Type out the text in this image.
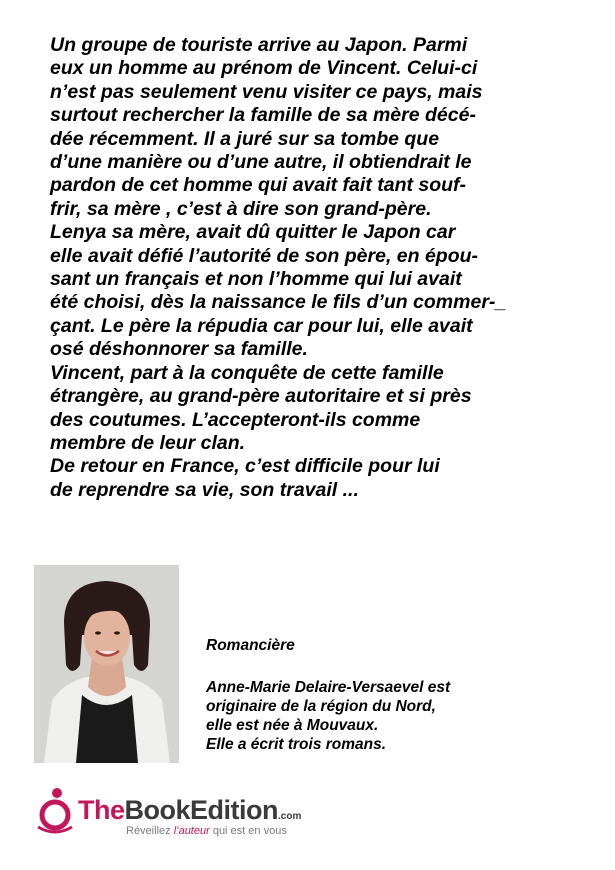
Un groupe de touriste arrive au Japon. Parmi
eux un homme au prénom de Vincent. Celui-ci
n’est pas seulement venu visiter ce pays, mais
surtout rechercher la famille de sa mère décé-
dée récemment. Il a juré sur sa tombe que
d’une manière ou d’une autre, il obtiendrait le
pardon de cet homme qui avait fait tant souf-
frir, sa mère , c’est à dire son grand-père.
Lenya sa mère, avait dû quitter le Japon car
elle avait défié l’autorité de son père, en épou-
sant un français et non l’homme qui lui avait
été choisi, dès la naissance le fils d’un commer-_
çant. Le père la répudia car pour lui, elle avait
osé déshonnorer sa famille.
Vincent, part à la conquête de cette famille
étrangère, au grand-père autoritaire et si près
des coutumes. L’accepteront-ils comme
membre de leur clan.
De retour en France, c’est difficile pour lui
de reprendre sa vie, son travail ...
Romancière
Anne-Marie Delaire-Versaevel est
originaire de la région du Nord,
elle est née à Mouvaux.
Elle a écrit trois romans.
TheBookEdition.com
Réveillez l’auteur qui est en vous
